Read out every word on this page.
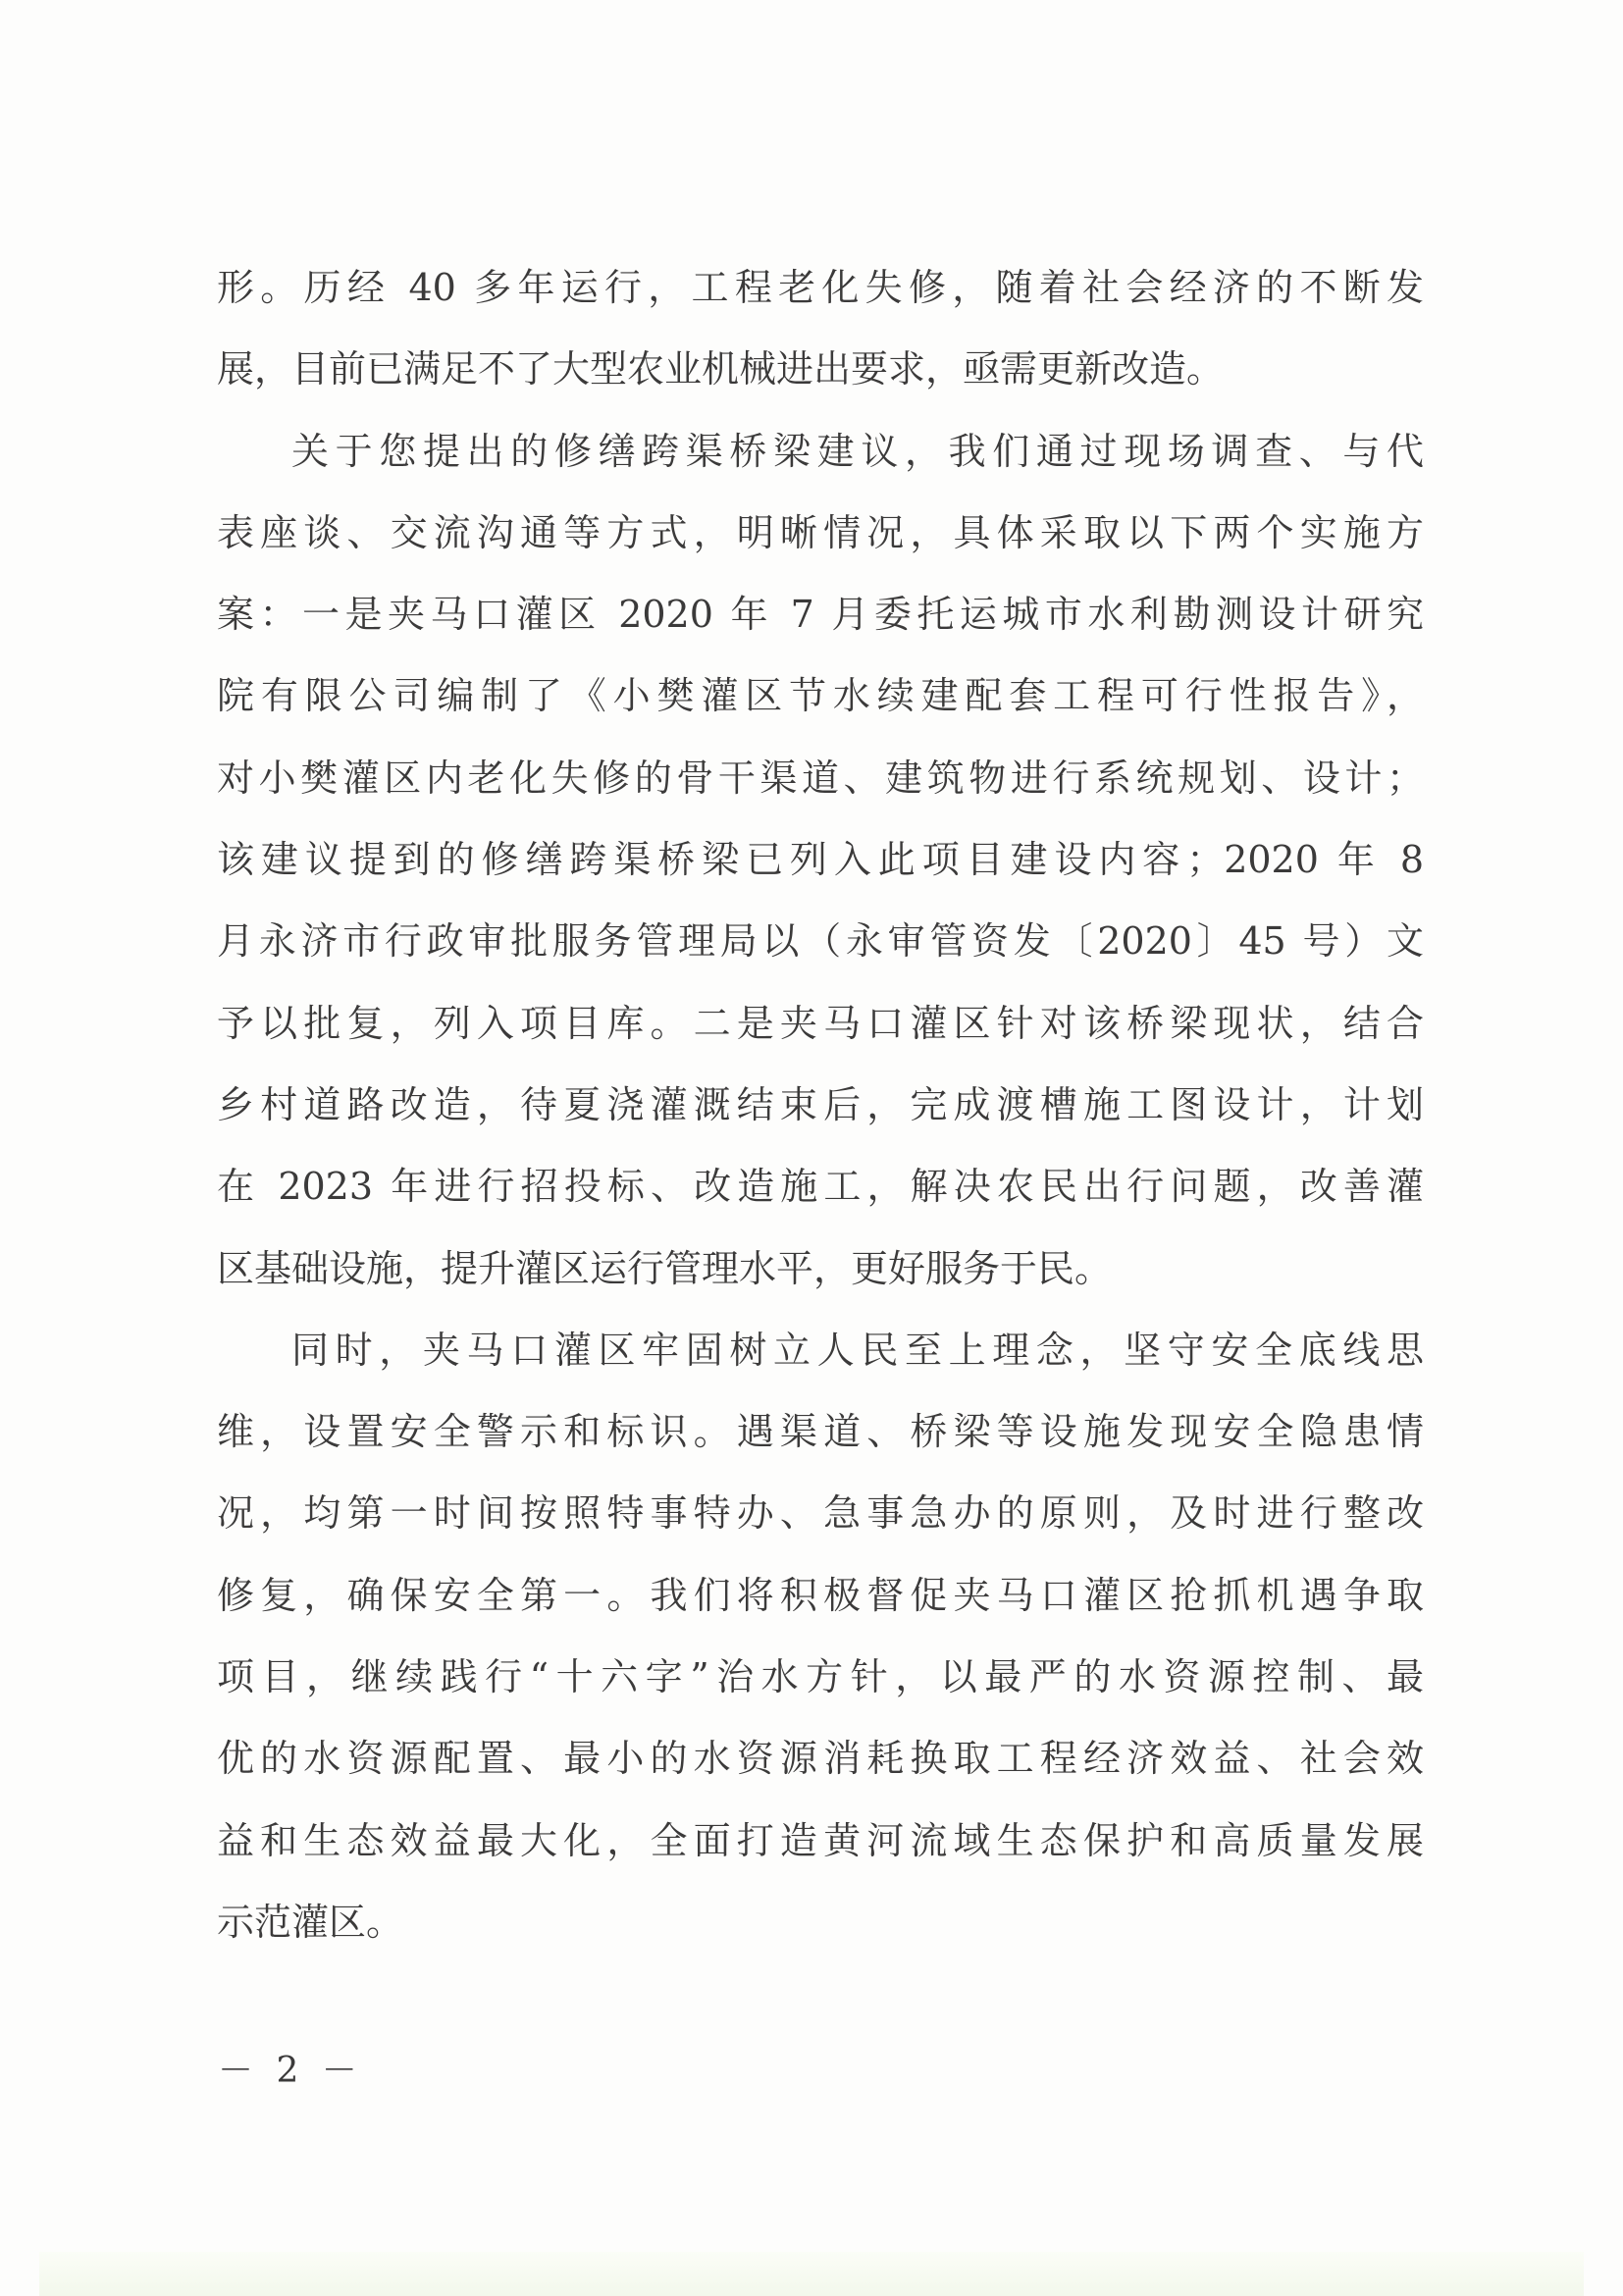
形。历经 40 多年运行，工程老化失修，随着社会经济的不断发
展，目前已满足不了大型农业机械进出要求，亟需更新改造。
关于您提出的修缮跨渠桥梁建议，我们通过现场调查、与代
表座谈、交流沟通等方式，明晰情况，具体采取以下两个实施方
案：一是夹马口灌区 2020 年 7 月委托运城市水利勘测设计研究
院有限公司编制了《小樊灌区节水续建配套工程可行性报告》，
对小樊灌区内老化失修的骨干渠道、建筑物进行系统规划、设计；
该建议提到的修缮跨渠桥梁已列入此项目建设内容；2020 年 8
月永济市行政审批服务管理局以（永审管资发〔2020〕45 号）文
予以批复，列入项目库。二是夹马口灌区针对该桥梁现状，结合
乡村道路改造，待夏浇灌溉结束后，完成渡槽施工图设计，计划
在 2023 年进行招投标、改造施工，解决农民出行问题，改善灌
区基础设施，提升灌区运行管理水平，更好服务于民。
同时，夹马口灌区牢固树立人民至上理念，坚守安全底线思
维，设置安全警示和标识。遇渠道、桥梁等设施发现安全隐患情
况，均第一时间按照特事特办、急事急办的原则，及时进行整改
修复，确保安全第一。我们将积极督促夹马口灌区抢抓机遇争取
项目，继续践行“十六字”治水方针，以最严的水资源控制、最
优的水资源配置、最小的水资源消耗换取工程经济效益、社会效
益和生态效益最大化，全面打造黄河流域生态保护和高质量发展
示范灌区。
－ 2 －
